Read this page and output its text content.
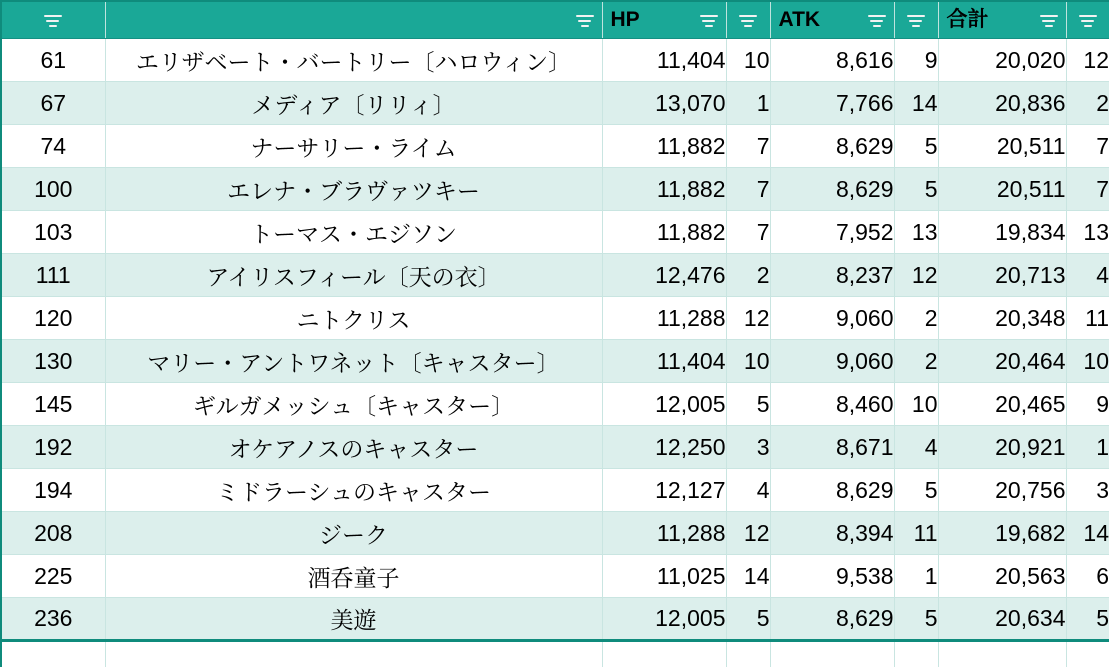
		HP		ATK		合計	

61	エリザベート・バートリー〔ハロウィン〕	11,404	10	8,616	9	20,020	12
67	メディア〔リリィ〕	13,070	1	7,766	14	20,836	2
74	ナーサリー・ライム	11,882	7	8,629	5	20,511	7
100	エレナ・ブラヴァツキー	11,882	7	8,629	5	20,511	7
103	トーマス・エジソン	11,882	7	7,952	13	19,834	13
111	アイリスフィール〔天の衣〕	12,476	2	8,237	12	20,713	4
120	ニトクリス	11,288	12	9,060	2	20,348	11
130	マリー・アントワネット〔キャスター〕	11,404	10	9,060	2	20,464	10
145	ギルガメッシュ〔キャスター〕	12,005	5	8,460	10	20,465	9
192	オケアノスのキャスター	12,250	3	8,671	4	20,921	1
194	ミドラーシュのキャスター	12,127	4	8,629	5	20,756	3
208	ジーク	11,288	12	8,394	11	19,682	14
225	酒呑童子	11,025	14	9,538	1	20,563	6
236	美遊	12,005	5	8,629	5	20,634	5
